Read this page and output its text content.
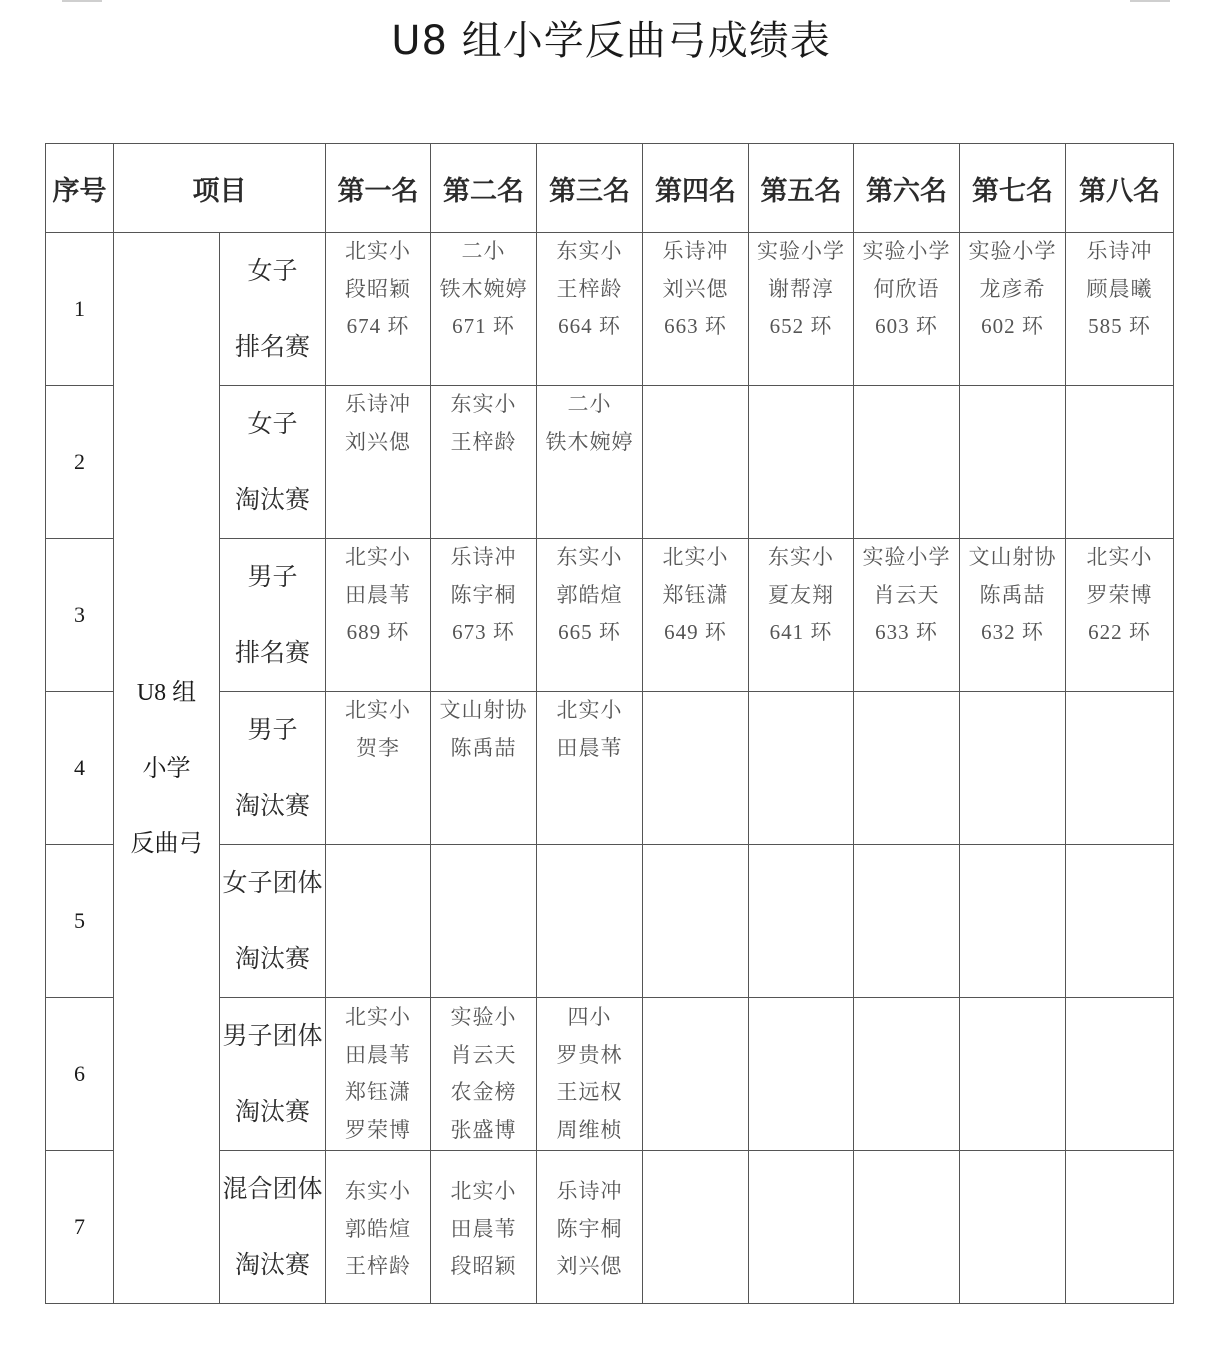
U8 组小学反曲弓成绩表
序号	项目		第一名	第二名	第三名	第四名	第五名	第六名	第七名	第八名
1	U8 组
小学
反曲弓	女子
排名赛	北实小
段昭颖
674 环	二小
铁木婉婷
671 环	东实小
王梓龄
664 环	乐诗冲
刘兴偲
663 环	实验小学
谢帮淳
652 环	实验小学
何欣语
603 环	实验小学
龙彦希
602 环	乐诗冲
顾晨曦
585 环

2		女子
淘汰赛	乐诗冲
刘兴偲	东实小
王梓龄	二小
铁木婉婷					

3		男子
排名赛	北实小
田晨苇
689 环	乐诗冲
陈宇桐
673 环	东实小
郭皓煊
665 环	北实小
郑钰潇
649 环	东实小
夏友翔
641 环	实验小学
肖云天
633 环	文山射协
陈禹喆
632 环	北实小
罗荣博
622 环

4		男子
淘汰赛	北实小
贺李	文山射协
陈禹喆	北实小
田晨苇					

5		女子团体
淘汰赛								

6		男子团体
淘汰赛	北实小
田晨苇
郑钰潇
罗荣博	实验小
肖云天
农金榜
张盛博	四小
罗贵林
王远权
周维桢					

7		混合团体
淘汰赛	东实小
郭皓煊
王梓龄	北实小
田晨苇
段昭颖	乐诗冲
陈宇桐
刘兴偲					
